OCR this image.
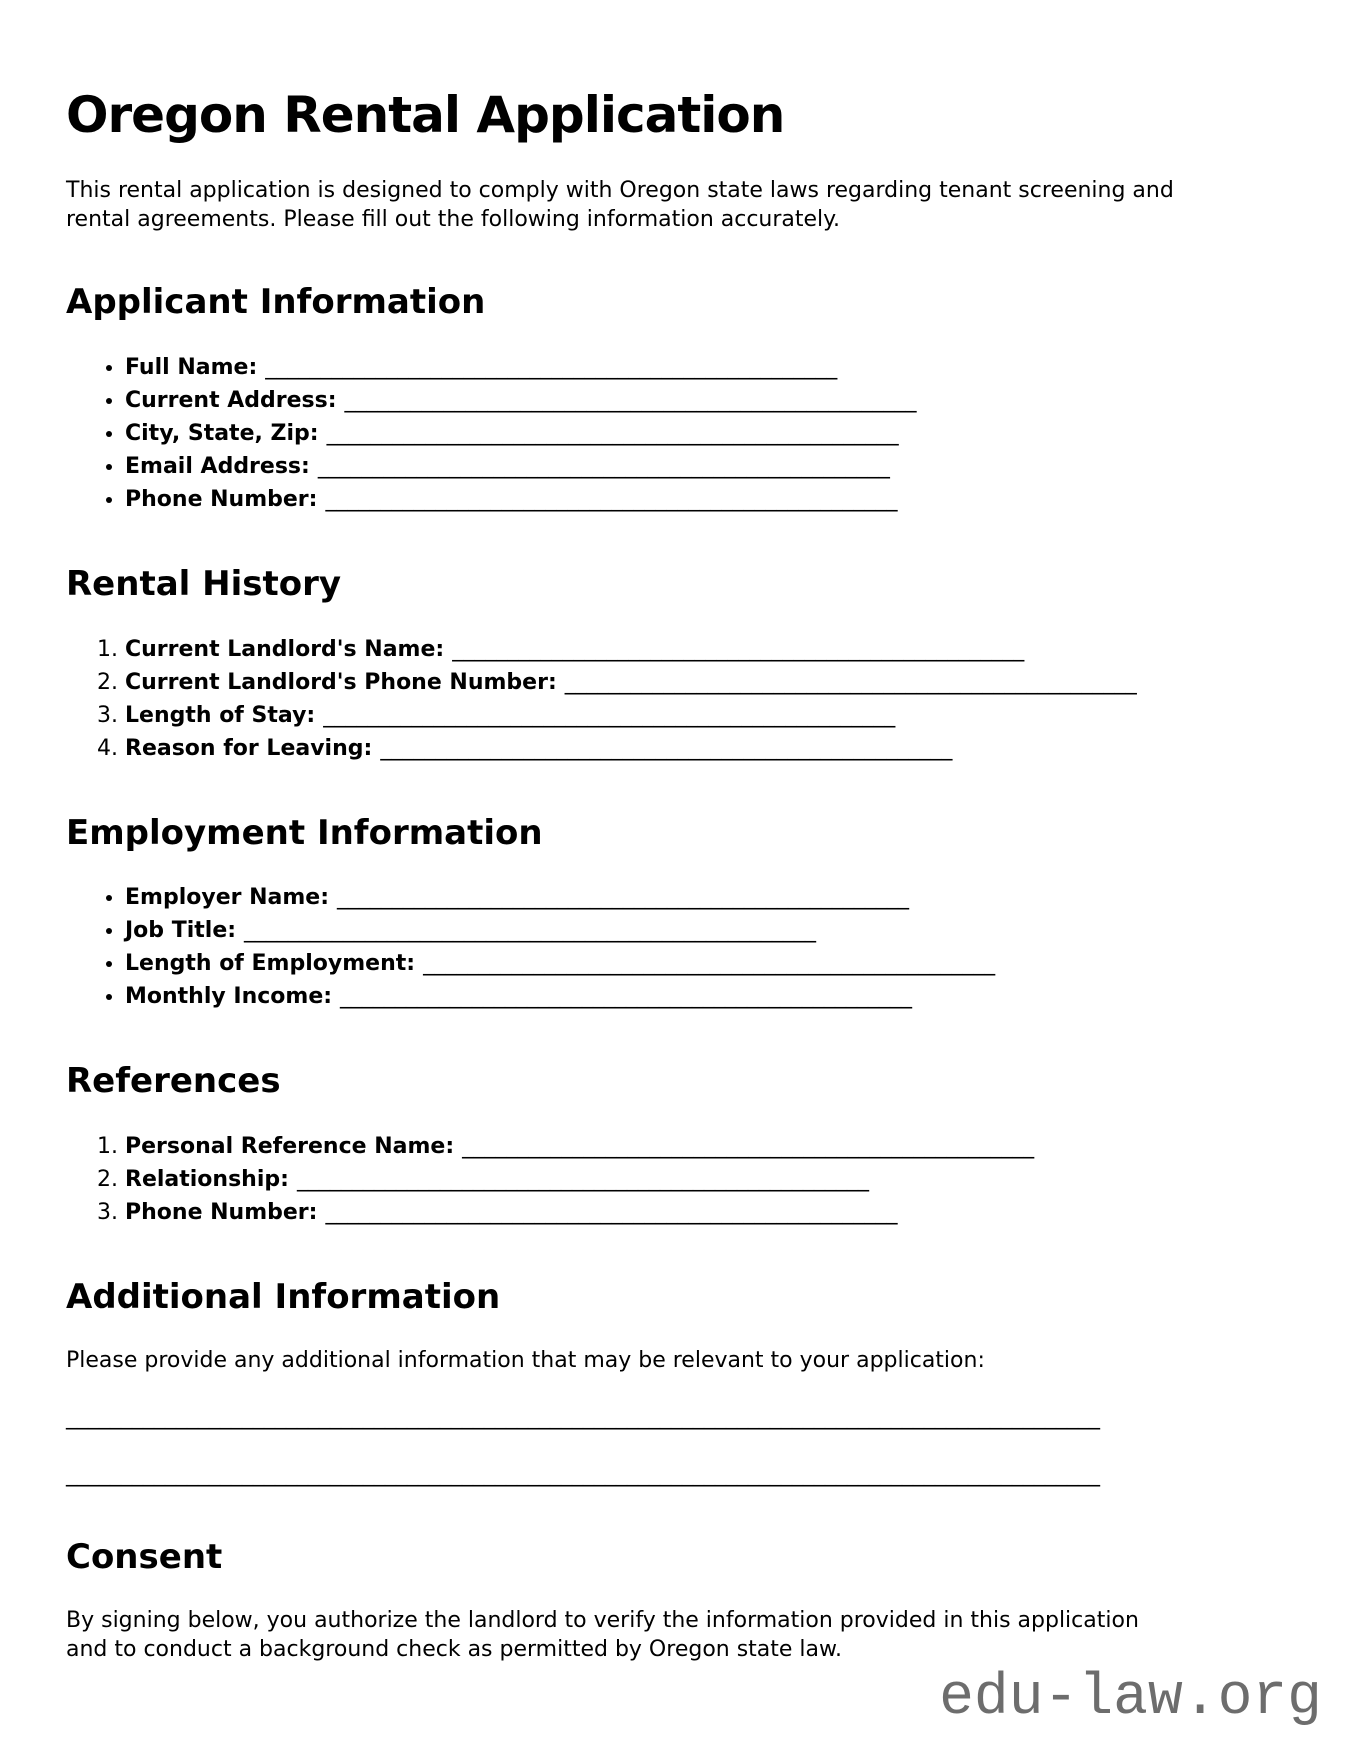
Oregon Rental Application

This rental application is designed to comply with Oregon state laws regarding tenant screening and rental agreements. Please fill out the following information accurately.

Applicant Information
• Full Name: ____________________________________________________
• Current Address: ____________________________________________________
• City, State, Zip: ____________________________________________________
• Email Address: ____________________________________________________
• Phone Number: ____________________________________________________
Rental History
1. Current Landlord's Name: ____________________________________________________
2. Current Landlord's Phone Number: ____________________________________________________
3. Length of Stay: ____________________________________________________
4. Reason for Leaving: ____________________________________________________
Employment Information
• Employer Name: ____________________________________________________
• Job Title: ____________________________________________________
• Length of Employment: ____________________________________________________
• Monthly Income: ____________________________________________________
References
1. Personal Reference Name: ____________________________________________________
2. Relationship: ____________________________________________________
3. Phone Number: ____________________________________________________
Additional Information

Please provide any additional information that may be relevant to your application:

______________________________________________________________________________________________

______________________________________________________________________________________________

Consent

By signing below, you authorize the landlord to verify the information provided in this application and to conduct a background check as permitted by Oregon state law.

edu-law.org
